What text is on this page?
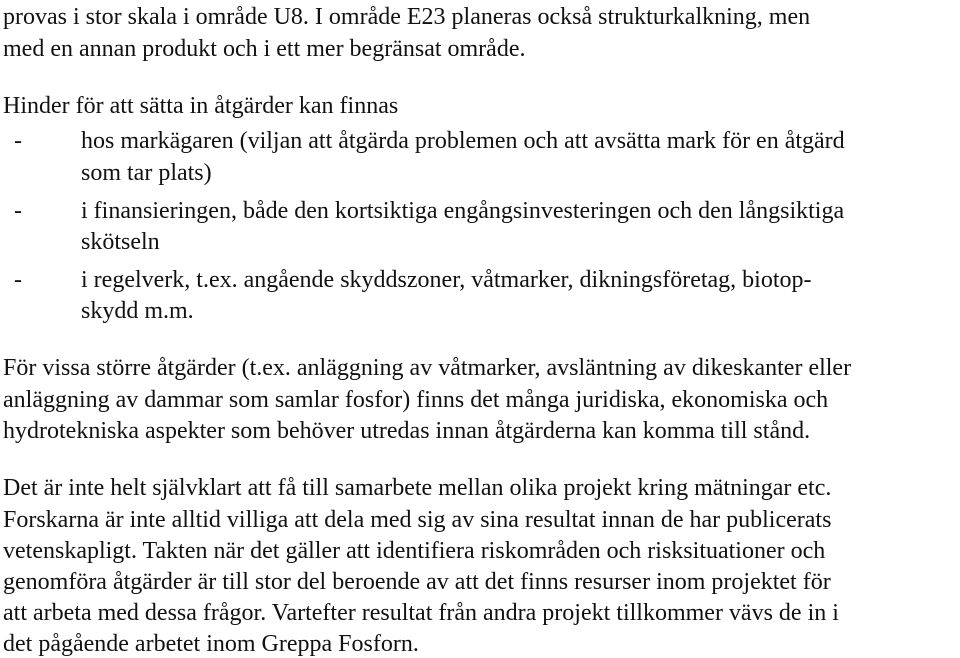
provas i stor skala i område U8. I område E23 planeras också strukturkalkning, men
med en annan produkt och i ett mer begränsat område.
Hinder för att sätta in åtgärder kan finnas
- hos markägaren (viljan att åtgärda problemen och att avsätta mark för en åtgärd
som tar plats)
- i finansieringen, både den kortsiktiga engångsinvesteringen och den långsiktiga
skötseln
- i regelverk, t.ex. angående skyddszoner, våtmarker, dikningsföretag, biotop-
skydd m.m.
För vissa större åtgärder (t.ex. anläggning av våtmarker, avsläntning av dikeskanter eller
anläggning av dammar som samlar fosfor) finns det många juridiska, ekonomiska och
hydrotekniska aspekter som behöver utredas innan åtgärderna kan komma till stånd.
Det är inte helt självklart att få till samarbete mellan olika projekt kring mätningar etc.
Forskarna är inte alltid villiga att dela med sig av sina resultat innan de har publicerats
vetenskapligt. Takten när det gäller att identifiera riskområden och risksituationer och
genomföra åtgärder är till stor del beroende av att det finns resurser inom projektet för
att arbeta med dessa frågor. Vartefter resultat från andra projekt tillkommer vävs de in i
det pågående arbetet inom Greppa Fosforn.
